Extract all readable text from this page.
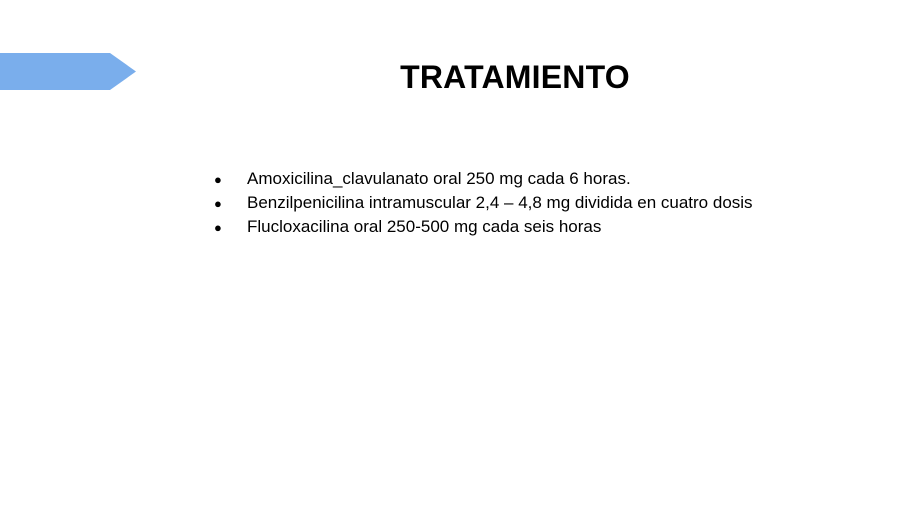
TRATAMIENTO
●	Amoxicilina_clavulanato oral 250 mg cada 6 horas.
●	Benzilpenicilina intramuscular 2,4 – 4,8 mg dividida en cuatro dosis
●	Flucloxacilina oral 250-500 mg cada seis horas
